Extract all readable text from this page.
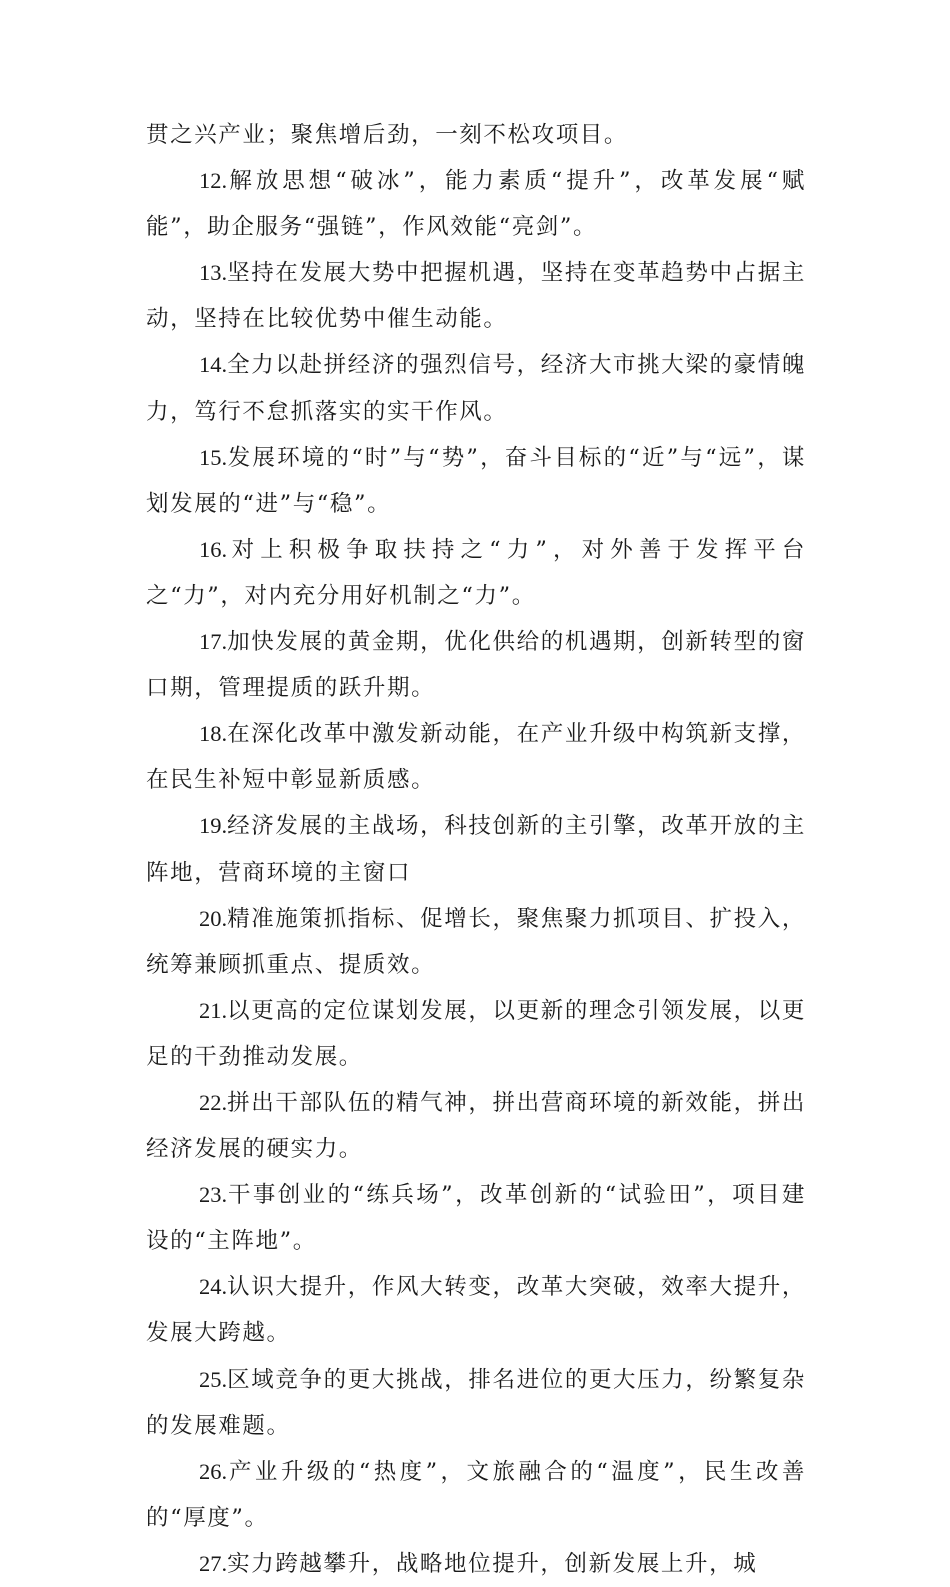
贯之兴产业；聚焦增后劲，一刻不松攻项目。

12.解放思想“破冰”，能力素质“提升”，改革发展“赋能”，助企服务“强链”，作风效能“亮剑”。

13.坚持在发展大势中把握机遇，坚持在变革趋势中占据主动，坚持在比较优势中催生动能。

14.全力以赴拼经济的强烈信号，经济大市挑大梁的豪情魄力，笃行不怠抓落实的实干作风。

15.发展环境的“时”与“势”，奋斗目标的“近”与“远”，谋划发展的“进”与“稳”。

16.对上积极争取扶持之“力”，对外善于发挥平台之“力”，对内充分用好机制之“力”。

17.加快发展的黄金期，优化供给的机遇期，创新转型的窗口期，管理提质的跃升期。

18.在深化改革中激发新动能，在产业升级中构筑新支撑，在民生补短中彰显新质感。

19.经济发展的主战场，科技创新的主引擎，改革开放的主阵地，营商环境的主窗口

20.精准施策抓指标、促增长，聚焦聚力抓项目、扩投入，统筹兼顾抓重点、提质效。

21.以更高的定位谋划发展，以更新的理念引领发展，以更足的干劲推动发展。

22.拼出干部队伍的精气神，拼出营商环境的新效能，拼出经济发展的硬实力。

23.干事创业的“练兵场”，改革创新的“试验田”，项目建设的“主阵地”。

24.认识大提升，作风大转变，改革大突破，效率大提升，发展大跨越。

25.区域竞争的更大挑战，排名进位的更大压力，纷繁复杂的发展难题。

26.产业升级的“热度”，文旅融合的“温度”，民生改善的“厚度”。

27.实力跨越攀升，战略地位提升，创新发展上升，城
